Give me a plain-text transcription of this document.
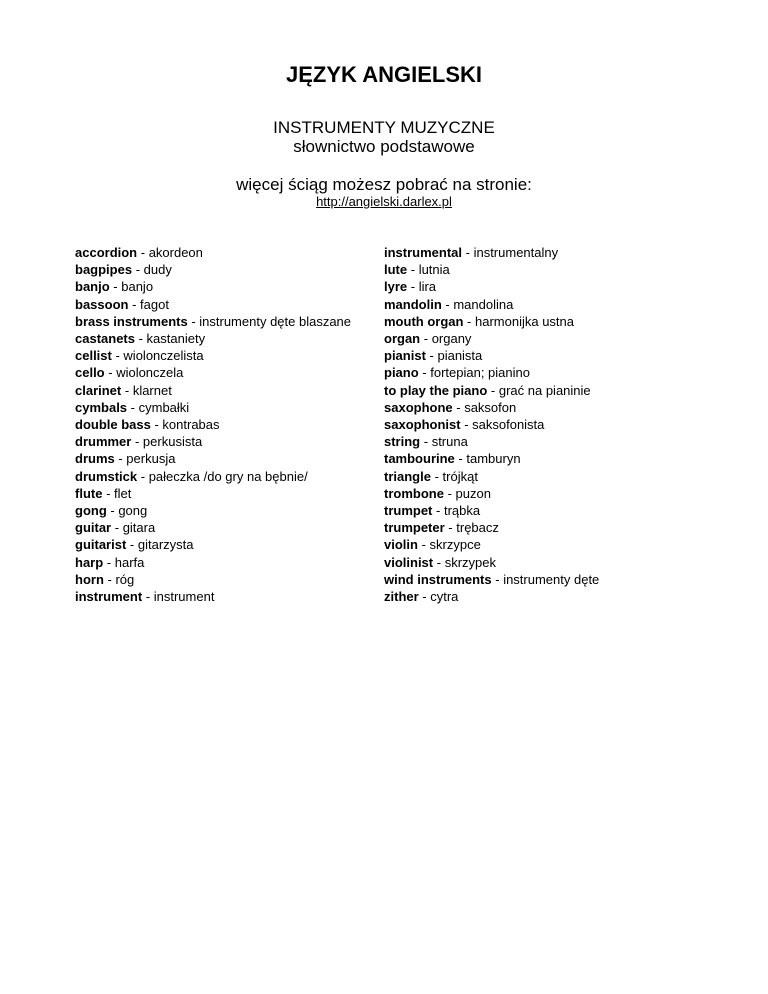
JĘZYK ANGIELSKI
INSTRUMENTY MUZYCZNE
słownictwo podstawowe
więcej ściąg możesz pobrać na stronie:
http://angielski.darlex.pl
accordion - akordeon
bagpipes - dudy
banjo - banjo
bassoon - fagot
brass instruments - instrumenty dęte blaszane
castanets - kastaniety
cellist - wiolonczelista
cello - wiolonczela
clarinet - klarnet
cymbals - cymbałki
double bass - kontrabas
drummer - perkusista
drums - perkusja
drumstick - pałeczka /do gry na bębnie/
flute - flet
gong - gong
guitar - gitara
guitarist - gitarzysta
harp - harfa
horn - róg
instrument - instrument
instrumental - instrumentalny
lute - lutnia
lyre - lira
mandolin - mandolina
mouth organ - harmonijka ustna
organ - organy
pianist - pianista
piano - fortepian; pianino
to play the piano - grać na pianinie
saxophone - saksofon
saxophonist - saksofonista
string - struna
tambourine - tamburyn
triangle - trójkąt
trombone - puzon
trumpet - trąbka
trumpeter - trębacz
violin - skrzypce
violinist - skrzypek
wind instruments - instrumenty dęte
zither - cytra
